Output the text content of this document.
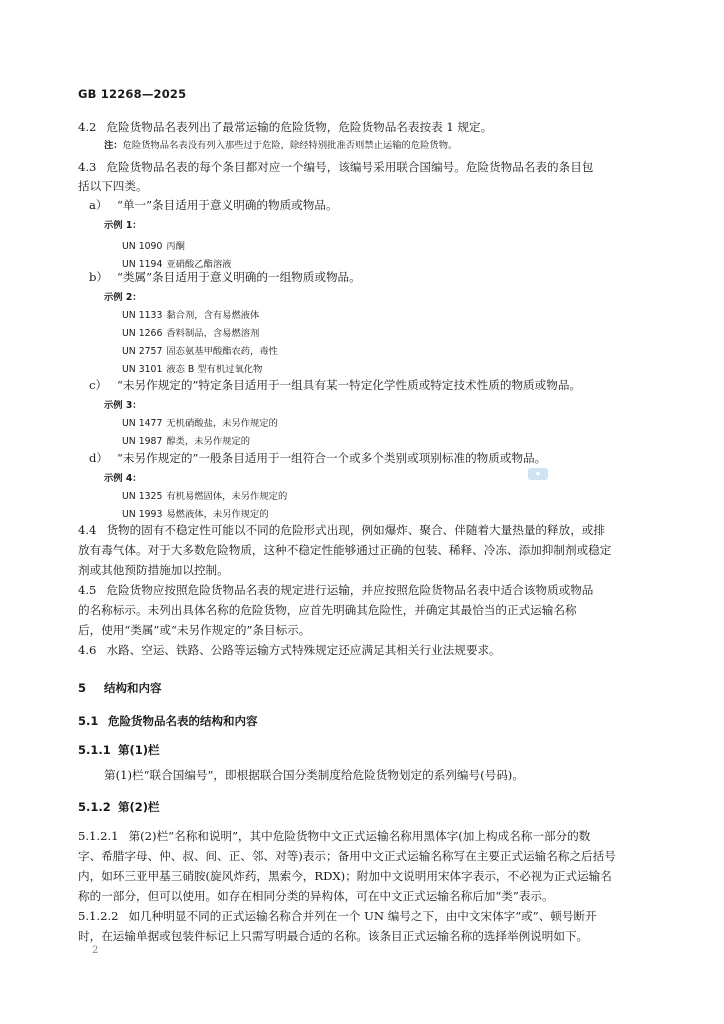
GB 12268—2025
4.2 危险货物品名表列出了最常运输的危险货物，危险货物品名表按表 1 规定。
注：危险货物品名表没有列入那些过于危险，除经特别批准否则禁止运输的危险货物。
4.3 危险货物品名表的每个条目都对应一个编号，该编号采用联合国编号。危险货物品名表的条目包
括以下四类。
a） “单一”条目适用于意义明确的物质或物品。
示例 1：
UN 1090 丙酮
UN 1194 亚硝酸乙酯溶液
b） “类属”条目适用于意义明确的一组物质或物品。
示例 2：
UN 1133 黏合剂，含有易燃液体
UN 1266 香料制品，含易燃溶剂
UN 2757 固态氨基甲酸酯农药，毒性
UN 3101 液态 B 型有机过氧化物
c） “未另作规定的”特定条目适用于一组具有某一特定化学性质或特定技术性质的物质或物品。
示例 3：
UN 1477 无机硝酸盐，未另作规定的
UN 1987 醇类，未另作规定的
d） “未另作规定的”一般条目适用于一组符合一个或多个类别或项别标准的物质或物品。
◆
示例 4：
UN 1325 有机易燃固体，未另作规定的
UN 1993 易燃液体，未另作规定的
4.4 货物的固有不稳定性可能以不同的危险形式出现，例如爆炸、聚合、伴随着大量热量的释放，或排
放有毒气体。对于大多数危险物质，这种不稳定性能够通过正确的包装、稀释、冷冻、添加抑制剂或稳定
剂或其他预防措施加以控制。
4.5 危险货物应按照危险货物品名表的规定进行运输，并应按照危险货物品名表中适合该物质或物品
的名称标示。未列出具体名称的危险货物，应首先明确其危险性，并确定其最恰当的正式运输名称
后，使用“类属”或“未另作规定的”条目标示。
4.6 水路、空运、铁路、公路等运输方式特殊规定还应满足其相关行业法规要求。
5 结构和内容
5.1 危险货物品名表的结构和内容
5.1.1 第(1)栏
第(1)栏“联合国编号”，即根据联合国分类制度给危险货物划定的系列编号(号码)。
5.1.2 第(2)栏
5.1.2.1 第(2)栏“名称和说明”，其中危险货物中文正式运输名称用黑体字(加上构成名称一部分的数
字、希腊字母、仲、叔、间、正、邻、对等)表示；备用中文正式运输名称写在主要正式运输名称之后括号
内，如环三亚甲基三硝胺(旋风炸药，黑索今，RDX)；附加中文说明用宋体字表示，不必视为正式运输名
称的一部分，但可以使用。如存在相同分类的异构体，可在中文正式运输名称后加“类”表示。
5.1.2.2 如几种明显不同的正式运输名称合并列在一个 UN 编号之下，由中文宋体字“或”、顿号断开
时，在运输单据或包装件标记上只需写明最合适的名称。该条目正式运输名称的选择举例说明如下。
2
